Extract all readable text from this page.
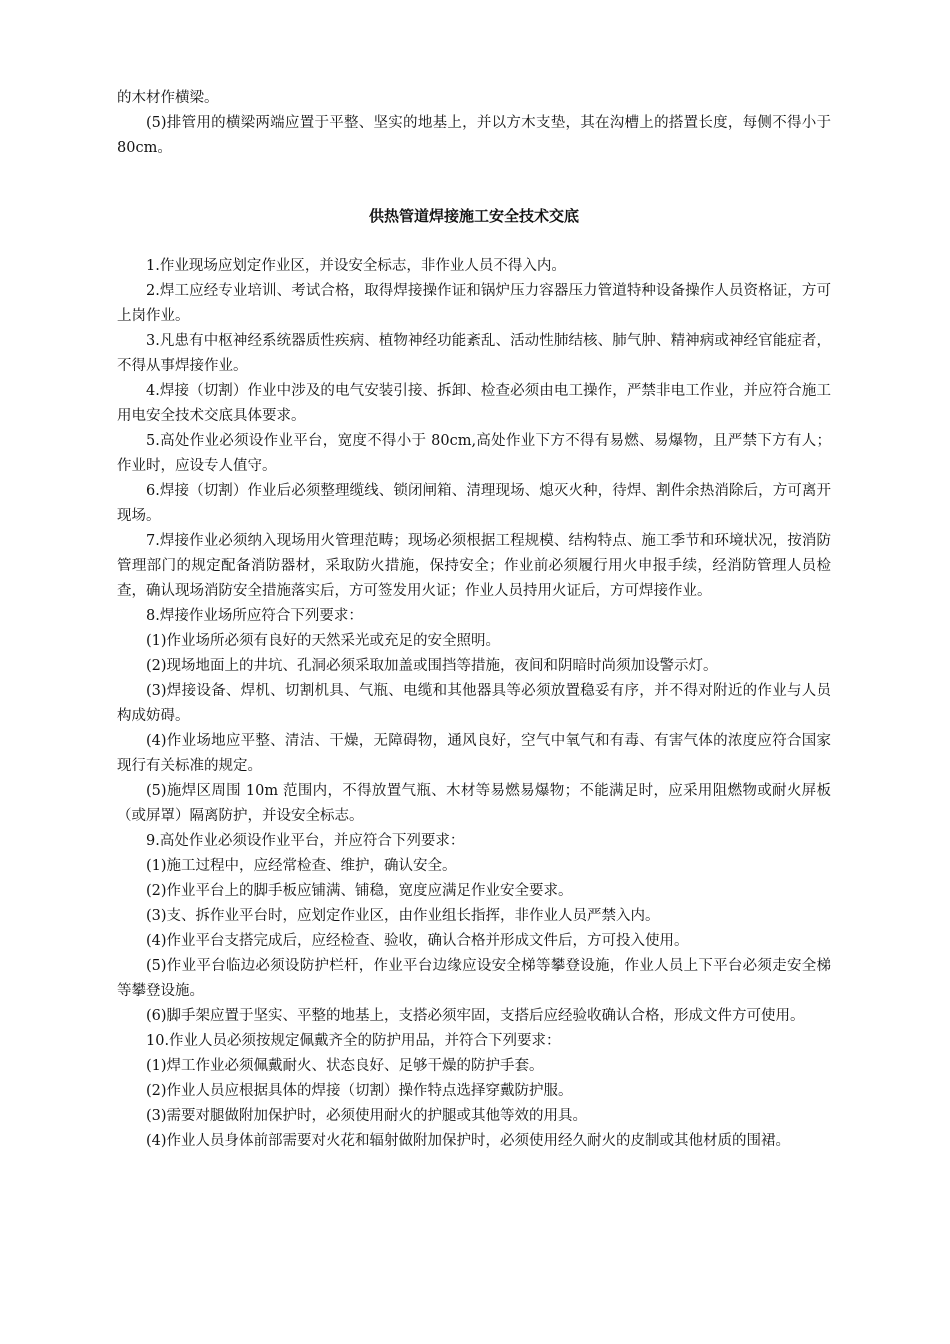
的木材作横梁。

(5)排管用的横梁两端应置于平整、坚实的地基上，并以方木支垫，其在沟槽上的搭置长度，每侧不得小于 80cm。

供热管道焊接施工安全技术交底

1.作业现场应划定作业区，并设安全标志，非作业人员不得入内。

2.焊工应经专业培训、考试合格，取得焊接操作证和锅炉压力容器压力管道特种设备操作人员资格证，方可上岗作业。

3.凡患有中枢神经系统器质性疾病、植物神经功能紊乱、活动性肺结核、肺气肿、精神病或神经官能症者，不得从事焊接作业。

4.焊接（切割）作业中涉及的电气安装引接、拆卸、检查必须由电工操作，严禁非电工作业，并应符合施工用电安全技术交底具体要求。

5.高处作业必须设作业平台，宽度不得小于 80cm,高处作业下方不得有易燃、易爆物，且严禁下方有人；作业时，应设专人值守。

6.焊接（切割）作业后必须整理缆线、锁闭闸箱、清理现场、熄灭火种，待焊、割件余热消除后，方可离开现场。

7.焊接作业必须纳入现场用火管理范畴；现场必须根据工程规模、结构特点、施工季节和环境状况，按消防管理部门的规定配备消防器材，采取防火措施，保持安全；作业前必须履行用火申报手续，经消防管理人员检查，确认现场消防安全措施落实后，方可签发用火证；作业人员持用火证后，方可焊接作业。

8.焊接作业场所应符合下列要求：

(1)作业场所必须有良好的天然采光或充足的安全照明。

(2)现场地面上的井坑、孔洞必须采取加盖或围挡等措施，夜间和阴暗时尚须加设警示灯。

(3)焊接设备、焊机、切割机具、气瓶、电缆和其他器具等必须放置稳妥有序，并不得对附近的作业与人员构成妨碍。

(4)作业场地应平整、清洁、干燥，无障碍物，通风良好，空气中氧气和有毒、有害气体的浓度应符合国家现行有关标准的规定。

(5)施焊区周围 10m 范围内，不得放置气瓶、木材等易燃易爆物；不能满足时，应采用阻燃物或耐火屏板（或屏罩）隔离防护，并设安全标志。

9.高处作业必须设作业平台，并应符合下列要求：

(1)施工过程中，应经常检查、维护，确认安全。

(2)作业平台上的脚手板应铺满、铺稳，宽度应满足作业安全要求。

(3)支、拆作业平台时，应划定作业区，由作业组长指挥，非作业人员严禁入内。

(4)作业平台支搭完成后，应经检查、验收，确认合格并形成文件后，方可投入使用。

(5)作业平台临边必须设防护栏杆，作业平台边缘应设安全梯等攀登设施，作业人员上下平台必须走安全梯等攀登设施。

(6)脚手架应置于坚实、平整的地基上，支搭必须牢固，支搭后应经验收确认合格，形成文件方可使用。

10.作业人员必须按规定佩戴齐全的防护用品，并符合下列要求：

(1)焊工作业必须佩戴耐火、状态良好、足够干燥的防护手套。

(2)作业人员应根据具体的焊接（切割）操作特点选择穿戴防护服。

(3)需要对腿做附加保护时，必须使用耐火的护腿或其他等效的用具。

(4)作业人员身体前部需要对火花和辐射做附加保护时，必须使用经久耐火的皮制或其他材质的围裙。
